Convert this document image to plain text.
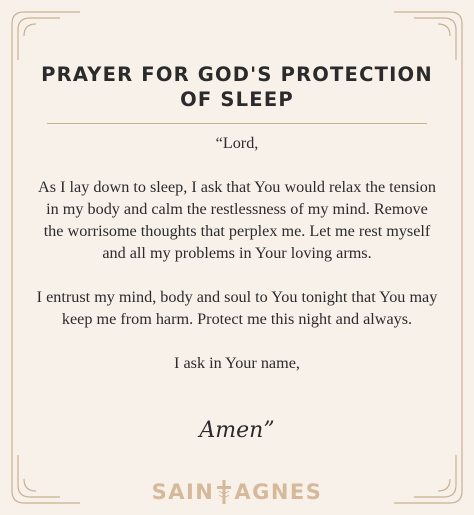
PRAYER FOR GOD'S PROTECTION
OF SLEEP

“Lord,

As I lay down to sleep, I ask that You would relax the tension in my body and calm the restlessness of my mind. Remove the worrisome thoughts that perplex me. Let me rest myself and all my problems in Your loving arms.

I entrust my mind, body and soul to You tonight that You may keep me from harm. Protect me this night and always.

I ask in Your name,

Amen”

SAIN AGNES
